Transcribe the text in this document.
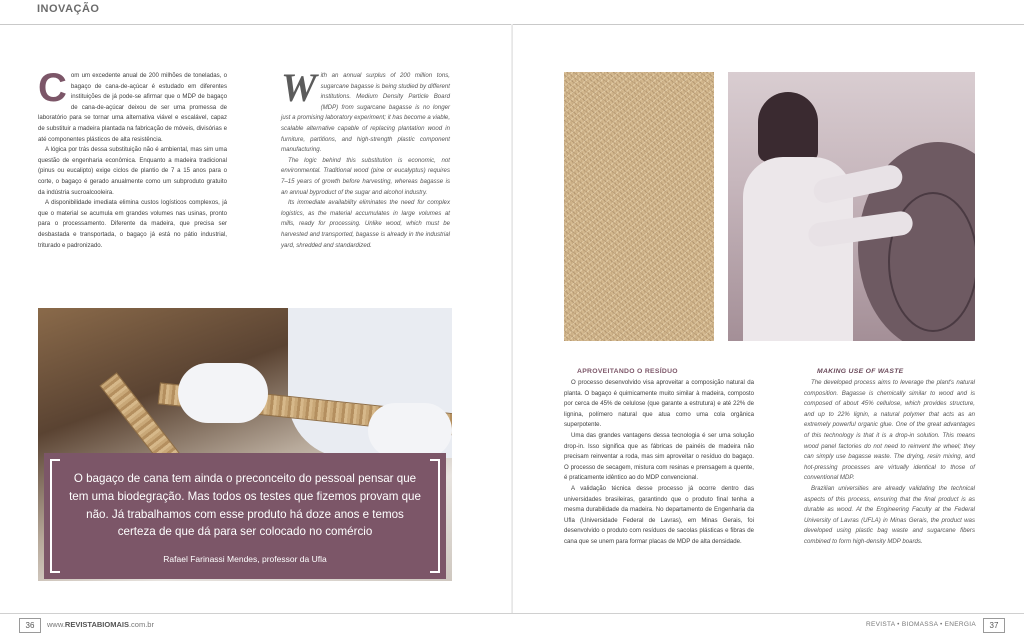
INOVAÇÃO
C om um excedente anual de 200 milhões de toneladas, o bagaço de cana-de-açúcar é estudado em diferentes instituições de já pode-se afirmar que o MDP de bagaço de cana-de-açúcar deixou de ser uma promessa de laboratório para se tornar uma alternativa viável e escalável, capaz de substituir a madeira plantada na fabricação de móveis, divisórias e até componentes plásticos de alta resistência.

A lógica por trás dessa substituição não é ambiental, mas sim uma questão de engenharia econômica. Enquanto a madeira tradicional (pinus ou eucalipto) exige ciclos de plantio de 7 a 15 anos para o corte, o bagaço é gerado anualmente como um subproduto gratuito da indústria sucroalcooleira.

A disponibilidade imediata elimina custos logísticos complexos, já que o material se acumula em grandes volumes nas usinas, pronto para o processamento. Diferente da madeira, que precisa ser desbastada e transportada, o bagaço já está no pátio industrial, triturado e padronizado.

W ith an annual surplus of 200 million tons, sugarcane bagasse is being studied by different institutions. Medium Density Particle Board (MDP) from sugarcane bagasse is no longer just a promising laboratory experiment; it has become a viable, scalable alternative capable of replacing plantation wood in furniture, partitions, and high-strength plastic component manufacturing.

The logic behind this substitution is economic, not environmental. Traditional wood (pine or eucalyptus) requires 7–15 years of growth before harvesting, whereas bagasse is an annual byproduct of the sugar and alcohol industry.

Its immediate availability eliminates the need for complex logistics, as the material accumulates in large volumes at mills, ready for processing. Unlike wood, which must be harvested and transported, bagasse is already in the industrial yard, shredded and standardized.

O bagaço de cana tem ainda o preconceito do pessoal pensar que tem uma biodegração. Mas todos os testes que fizemos provam que não. Já trabalhamos com esse produto há doze anos e temos certeza de que dá para ser colocado no comércio
Rafael Farinassi Mendes, professor da Ufla
APROVEITANDO O RESÍDUO

O processo desenvolvido visa aproveitar a composição natural da planta. O bagaço é quimicamente muito similar à madeira, composto por cerca de 45% de celulose (que garante a estrutura) e até 22% de lignina, polímero natural que atua como uma cola orgânica superpotente.

Uma das grandes vantagens dessa tecnologia é ser uma solução drop-in. Isso significa que as fábricas de painéis de madeira não precisam reinventar a roda, mas sim aproveitar o resíduo do bagaço. O processo de secagem, mistura com resinas e prensagem a quente, é praticamente idêntico ao do MDP convencional.

A validação técnica desse processo já ocorre dentro das universidades brasileiras, garantindo que o produto final tenha a mesma durabilidade da madeira. No departamento de Engenharia da Ufla (Universidade Federal de Lavras), em Minas Gerais, foi desenvolvido o produto com resíduos de sacolas plásticas e fibras de cana que se unem para formar placas de MDP de alta densidade.

MAKING USE OF WASTE

The developed process aims to leverage the plant's natural composition. Bagasse is chemically similar to wood and is composed of about 45% cellulose, which provides structure, and up to 22% lignin, a natural polymer that acts as an extremely powerful organic glue. One of the great advantages of this technology is that it is a drop-in solution. This means wood panel factories do not need to reinvent the wheel; they can simply use bagasse waste. The drying, resin mixing, and hot-pressing processes are virtually identical to those of conventional MDP.

Brazilian universities are already validating the technical aspects of this process, ensuring that the final product is as durable as wood. At the Engineering Faculty at the Federal University of Lavras (UFLA) in Minas Gerais, the product was developed using plastic bag waste and sugarcane fibers combined to form high-density MDP boards.

36	www.REVISTABIOMAIS.com.br	REVISTA • BIOMASSA • ENERGIA	37
